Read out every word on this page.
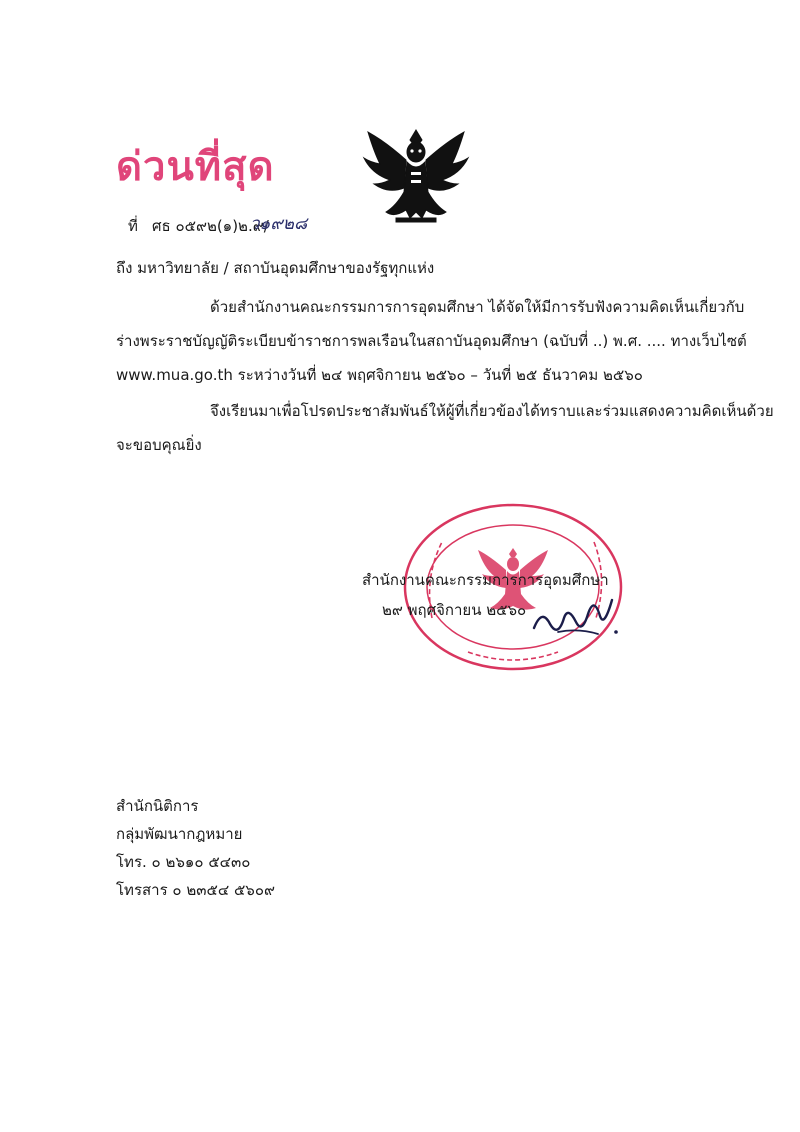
ด่วนที่สุด
ที่ ศธ ๐๕๙๒(๑)๒.๙/
ว๑๙๒๘
ถึง มหาวิทยาลัย / สถาบันอุดมศึกษาของรัฐทุกแห่ง
ด้วยสำนักงานคณะกรรมการการอุดมศึกษา ได้จัดให้มีการรับฟังความคิดเห็นเกี่ยวกับ
ร่างพระราชบัญญัติระเบียบข้าราชการพลเรือนในสถาบันอุดมศึกษา (ฉบับที่ ..) พ.ศ. .... ทางเว็บไซต์
www.mua.go.th ระหว่างวันที่ ๒๔ พฤศจิกายน ๒๕๖๐ – วันที่ ๒๕ ธันวาคม ๒๕๖๐
จึงเรียนมาเพื่อโปรดประชาสัมพันธ์ให้ผู้ที่เกี่ยวข้องได้ทราบและร่วมแสดงความคิดเห็นด้วย
จะขอบคุณยิ่ง
สำนักงานคณะกรรมการการอุดมศึกษา
๒๙ พฤศจิกายน ๒๕๖๐
สำนักนิติการ
กลุ่มพัฒนากฎหมาย
โทร. ๐ ๒๖๑๐ ๕๔๓๐
โทรสาร ๐ ๒๓๕๔ ๕๖๐๙
